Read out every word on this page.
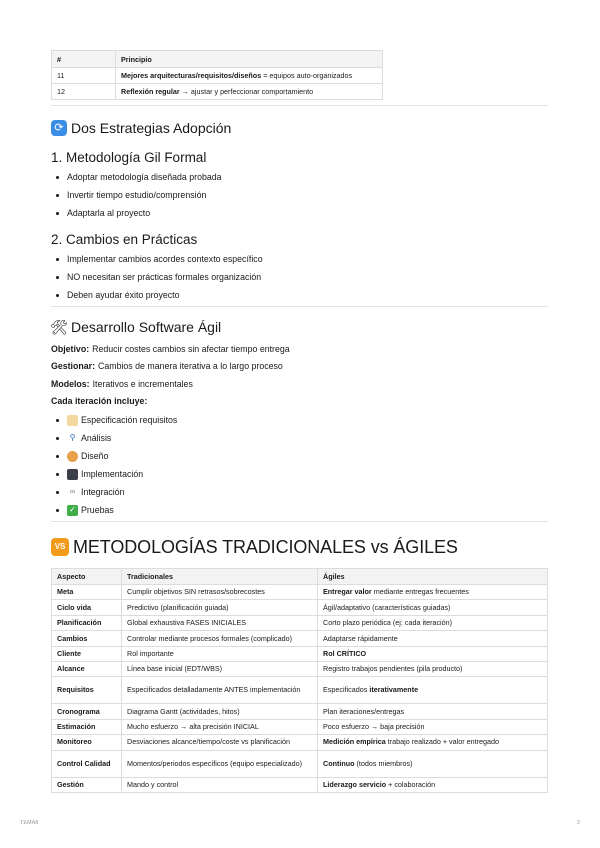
#	Principio
11	Mejores arquitecturas/requisitos/diseños = equipos auto-organizados
12	Reflexión regular → ajustar y perfeccionar comportamiento
⟳ Dos Estrategias Adopción
1. Metodología Gil Formal
Adoptar metodología diseñada probada
Invertir tiempo estudio/comprensión
Adaptarla al proyecto
2. Cambios en Prácticas
Implementar cambios acordes contexto específico
NO necesitan ser prácticas formales organización
Deben ayudar éxito proyecto
🛠 Desarrollo Software Ágil
Objetivo: Reducir costes cambios sin afectar tiempo entrega
Gestionar: Cambios de manera iterativa a lo largo proceso
Modelos: Iterativos e incrementales
Cada iteración incluye:
Especificación requisitos
⚲ Análisis
Diseño
Implementación
∞ Integración
✓ Pruebas
VS METODOLOGÍAS TRADICIONALES vs ÁGILES
Aspecto	Tradicionales	Ágiles
Meta	Cumplir objetivos SIN retrasos/sobrecostes	Entregar valor mediante entregas frecuentes
Ciclo vida	Predictivo (planificación guiada)	Ágil/adaptativo (características guiadas)
Planificación	Global exhaustiva FASES INICIALES	Corto plazo periódica (ej: cada iteración)
Cambios	Controlar mediante procesos formales (complicado)	Adaptarse rápidamente
Cliente	Rol importante	Rol CRÍTICO
Alcance	Línea base inicial (EDT/WBS)	Registro trabajos pendientes (pila producto)
Requisitos	Especificados detalladamente ANTES implementación	Especificados iterativamente
Cronograma	Diagrama Gantt (actividades, hitos)	Plan iteraciones/entregas
Estimación	Mucho esfuerzo → alta precisión INICIAL	Poco esfuerzo → baja precisión
Monitoreo	Desviaciones alcance/tiempo/coste vs planificación	Medición empírica trabajo realizado + valor entregado
Control Calidad	Momentos/periodos específicos (equipo especializado)	Continuo (todos miembros)
Gestión	Mando y control	Liderazgo servicio + colaboración
TEMA8	2
